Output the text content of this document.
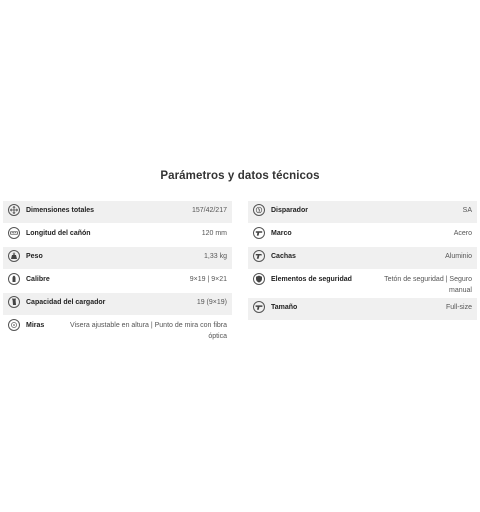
Parámetros y datos técnicos
Dimensiones totales	157/42/217
Longitud del cañón	120 mm
Peso	1,33 kg
Calibre	9×19 | 9×21
Capacidad del cargador	19 (9×19)
Miras	Visera ajustable en altura | Punto de mira con fibra óptica
Disparador	SA
Marco	Acero
Cachas	Aluminio
Elementos de seguridad	Tetón de seguridad | Seguro manual
Tamaño	Full-size
